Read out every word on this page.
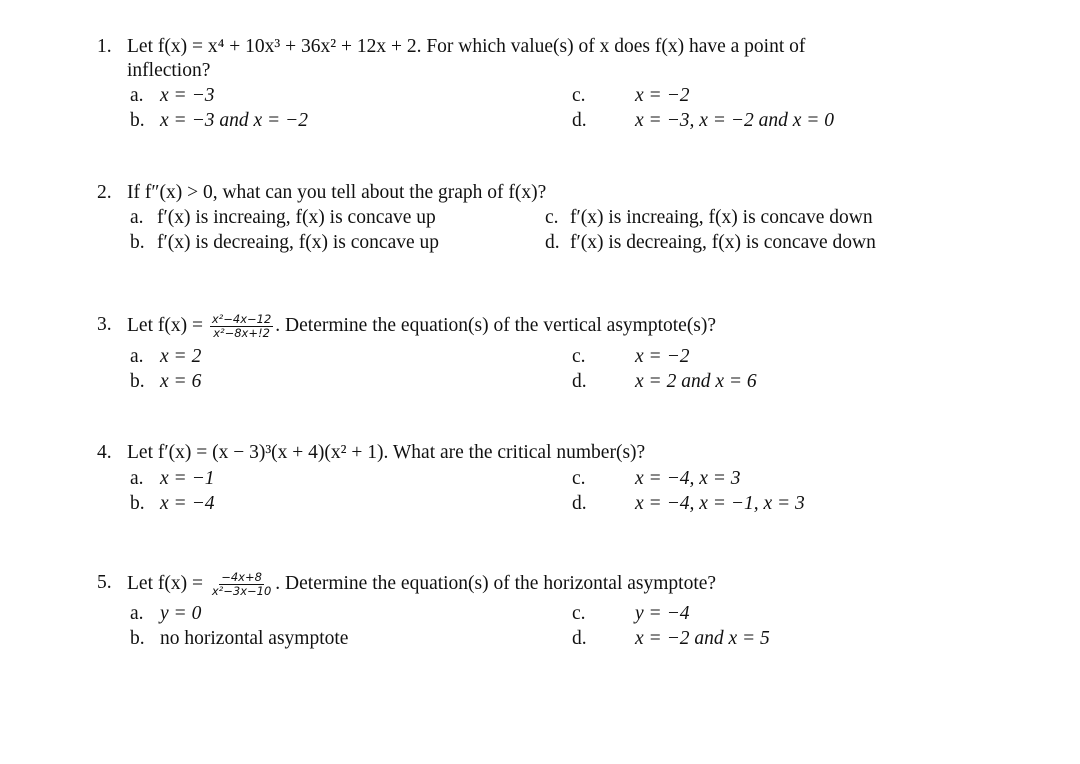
1. Let f(x) = x⁴ + 10x³ + 36x² + 12x + 2. For which value(s) of x does f(x) have a point of
inflection?
a. x = −3
b. x = −3 and x = −2
c.	x = −2
d. x = −3, x = −2 and x = 0
2. If f″(x) > 0, what can you tell about the graph of f(x)?
a. f′(x) is increaing, f(x) is concave up
b. f′(x) is decreaing, f(x) is concave up
c. f′(x) is increaing, f(x) is concave down
d. f′(x) is decreaing, f(x) is concave down
3. Let $f(x) = \frac{\text{x²−4x−12}}{\text{x²−8x+!2}}$ . Determine the equation(s) of the vertical asymptote(s)?
a. x = 2
b. x = 6
c.	x = −2
d. x = 2 and x = 6
4. Let f′(x) = (x − 3)³(x + 4)(x² + 1). What are the critical number(s)?
a. x = −1
b. x = −4
c.	x = −4, x = 3
d. x = −4, x = −1, x = 3
5. Let $f(x) = \frac{-4x+8}{\text{x²−3x−10}}$ . Determine the equation(s) of the horizontal asymptote?
a. y = 0
b. no horizontal asymptote
c.	y = −4
d. x = −2 and x = 5
